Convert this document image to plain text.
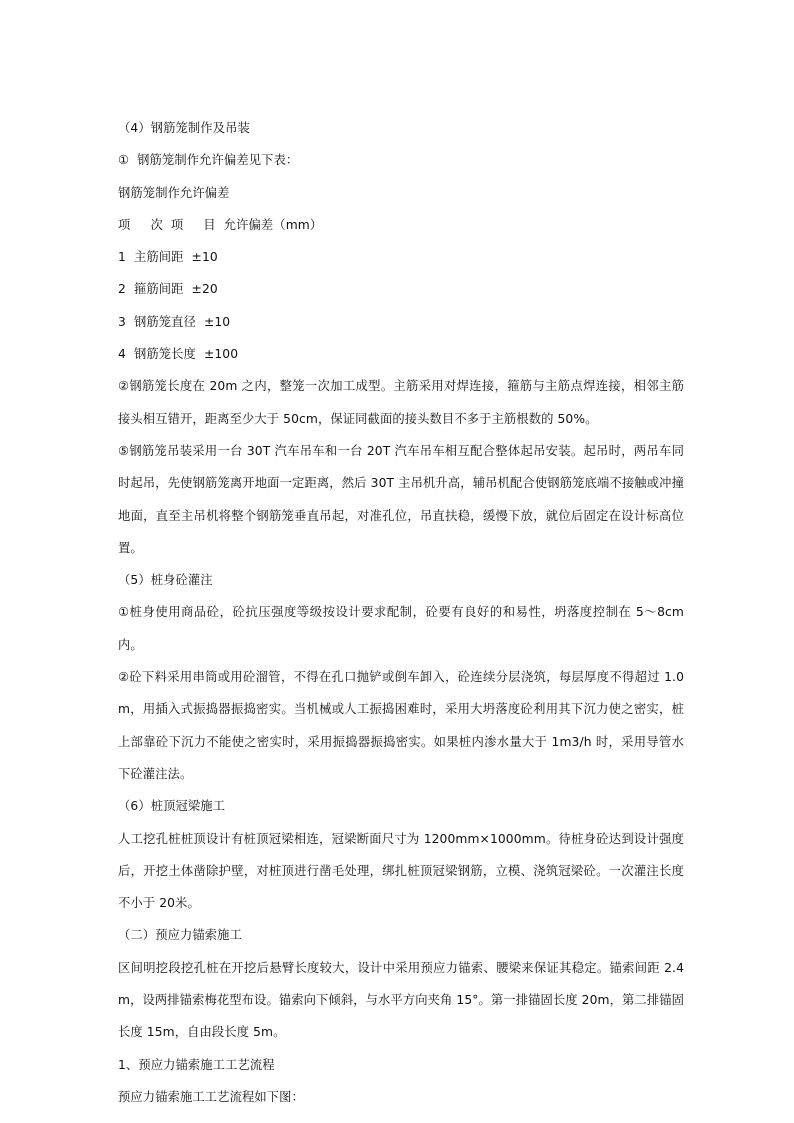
（4）钢筋笼制作及吊装

①  钢筋笼制作允许偏差见下表：

钢筋笼制作允许偏差

项     次  项     目  允许偏差（mm）

1  主筋间距  ±10

2  箍筋间距  ±20

3  钢筋笼直径  ±10

4  钢筋笼长度  ±100

②钢筋笼长度在 20m 之内，整笼一次加工成型。主筋采用对焊连接，箍筋与主筋点焊连接，相邻主筋接头相互错开，距离至少大于 50cm，保证同截面的接头数目不多于主筋根数的 50%。

⑤钢筋笼吊装采用一台 30T 汽车吊车和一台 20T 汽车吊车相互配合整体起吊安装。起吊时，两吊车同时起吊，先使钢筋笼离开地面一定距离，然后 30T 主吊机升高，辅吊机配合使钢筋笼底端不接触或冲撞地面，直至主吊机将整个钢筋笼垂直吊起，对准孔位，吊直扶稳，缓慢下放，就位后固定在设计标高位置。

（5）桩身砼灌注

①桩身使用商品砼，砼抗压强度等级按设计要求配制，砼要有良好的和易性，坍落度控制在 5～8cm 内。

②砼下料采用串筒或用砼溜管，不得在孔口抛铲或倒车卸入，砼连续分层浇筑，每层厚度不得超过 1.0m，用插入式振捣器振捣密实。当机械或人工振捣困难时，采用大坍落度砼利用其下沉力使之密实，桩上部靠砼下沉力不能使之密实时，采用振捣器振捣密实。如果桩内渗水量大于 1m3/h 时，采用导管水下砼灌注法。

（6）桩顶冠梁施工

人工挖孔桩桩顶设计有桩顶冠梁相连，冠梁断面尺寸为 1200mm×1000mm。待桩身砼达到设计强度后，开挖土体凿除护壁，对桩顶进行凿毛处理，绑扎桩顶冠梁钢筋，立模、浇筑冠梁砼。一次灌注长度不小于 20米。

（二）预应力锚索施工

区间明挖段挖孔桩在开挖后悬臂长度较大，设计中采用预应力锚索、腰梁来保证其稳定。锚索间距 2.4m，设两排锚索梅花型布设。锚索向下倾斜，与水平方向夹角 15°。第一排锚固长度 20m，第二排锚固长度 15m，自由段长度 5m。

1、预应力锚索施工工艺流程

预应力锚索施工工艺流程如下图：
